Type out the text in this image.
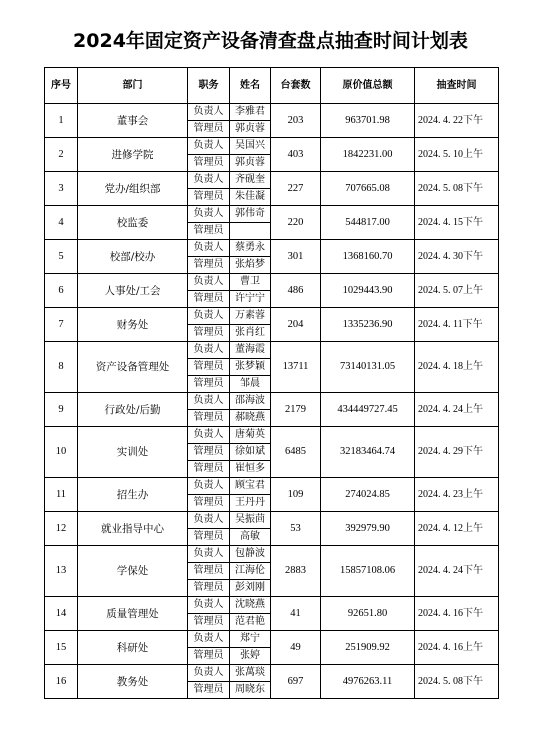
2024年固定资产设备清查盘点抽查时间计划表
序号	部门	职务	姓名	台套数	原价值总额	抽查时间
1	董事会	负责人	李雅君	203	963701.98	2024. 4. 22下午
		管理员	郭贞蓉			
2	进修学院	负责人	吴国兴	403	1842231.00	2024. 5. 10上午
		管理员	郭贞蓉			
3	党办/组织部	负责人	齐砚奎	227	707665.08	2024. 5. 08下午
		管理员	朱佳凝			
4	校监委	负责人	郭伟奇	220	544817.00	2024. 4. 15下午
		管理员				
5	校部/校办	负责人	蔡勇永	301	1368160.70	2024. 4. 30下午
		管理员	张焰梦			
6	人事处/工会	负责人	曹卫	486	1029443.90	2024. 5. 07上午
		管理员	许宁宁			
7	财务处	负责人	万素蓉	204	1335236.90	2024. 4. 11下午
		管理员	张肖红			
8	资产设备管理处	负责人	董海霞	13711	73140131.05	2024. 4. 18上午
		管理员	张梦颖			
		管理员	邹晨			
9	行政处/后勤	负责人	邵海波	2179	434449727.45	2024. 4. 24上午
		管理员	郝晓燕			
10	实训处	负责人	唐菊英	6485	32183464.74	2024. 4. 29下午
		管理员	徐如斌			
		管理员	崔恒多			
11	招生办	负责人	顾宝君	109	274024.85	2024. 4. 23上午
		管理员	王丹丹			
12	就业指导中心	负责人	吴振茴	53	392979.90	2024. 4. 12上午
		管理员	高敏			
13	学保处	负责人	包静波	2883	15857108.06	2024. 4. 24下午
		管理员	江海伦			
		管理员	彭刘刚			
14	质量管理处	负责人	沈晓燕	41	92651.80	2024. 4. 16下午
		管理员	范君艳			
15	科研处	负责人	郑宁	49	251909.92	2024. 4. 16上午
		管理员	张婷			
16	教务处	负责人	张萬琰	697	4976263.11	2024. 5. 08下午
		管理员	周晓东			
